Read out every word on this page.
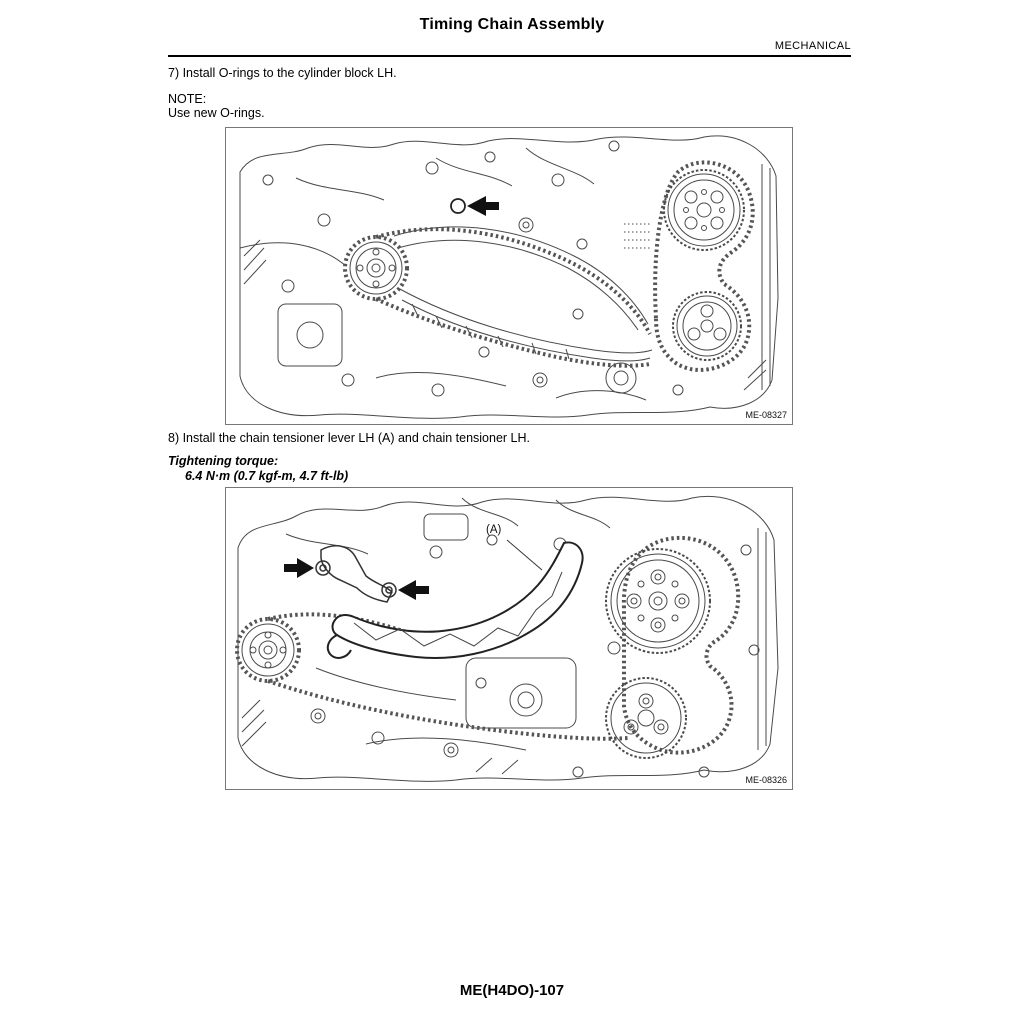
Timing Chain Assembly
MECHANICAL

7) Install O-rings to the cylinder block LH.

NOTE:

Use new O-rings.

ME-08327

8) Install the chain tensioner lever LH (A) and chain tensioner LH.

Tightening torque:

6.4 N·m (0.7 kgf-m, 4.7 ft-lb)

(A)
ME-08326
ME(H4DO)-107
